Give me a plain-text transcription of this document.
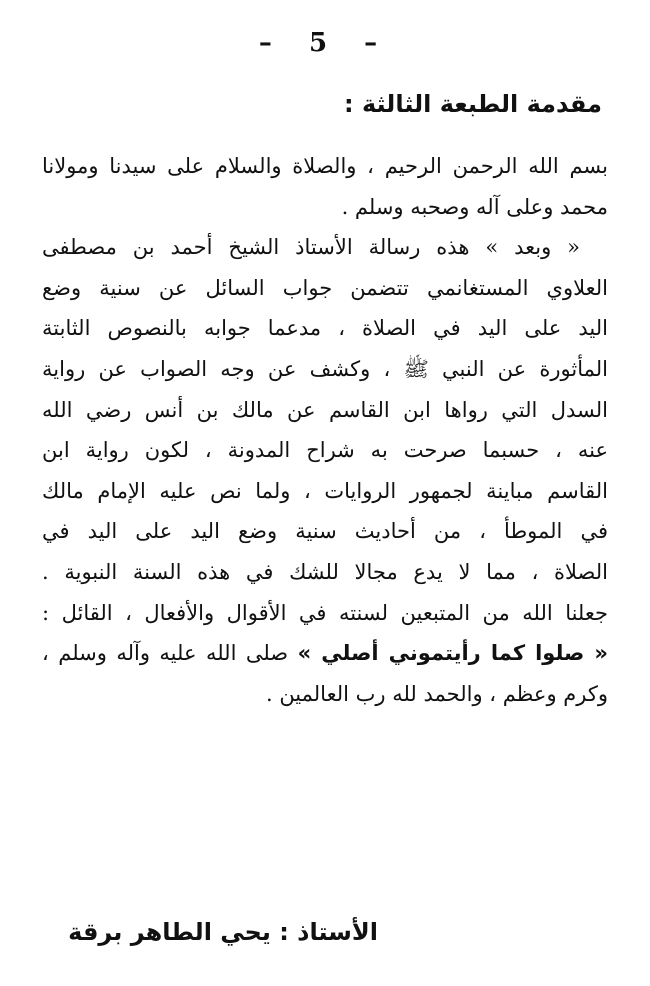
– 5 –
مقدمة الطبعة الثالثة :
بسم الله الرحمن الرحيم ، والصلاة والسلام على سيدنا ومولانا
محمد وعلى آله وصحبه وسلم .
« وبعد » هذه رسالة الأستاذ الشيخ أحمد بن مصطفى
العلاوي المستغانمي تتضمن جواب السائل عن سنية وضع
اليد على اليد في الصلاة ، مدعما جوابه بالنصوص الثابتة
المأثورة عن النبي ﷺ ، وكشف عن وجه الصواب عن رواية
السدل التي رواها ابن القاسم عن مالك بن أنس رضي الله
عنه ، حسبما صرحت به شراح المدونة ، لكون رواية ابن
القاسم مباينة لجمهور الروايات ، ولما نص عليه الإمام مالك
في الموطأ ، من أحاديث سنية وضع اليد على اليد في
الصلاة ، مما لا يدع مجالا للشك في هذه السنة النبوية .
جعلنا الله من المتبعين لسنته في الأقوال والأفعال ، القائل :
« صلوا كما رأيتموني أصلي » صلى الله عليه وآله وسلم ،
وكرم وعظم ، والحمد لله رب العالمين .
الأستاذ : يحي الطاهر برقة
